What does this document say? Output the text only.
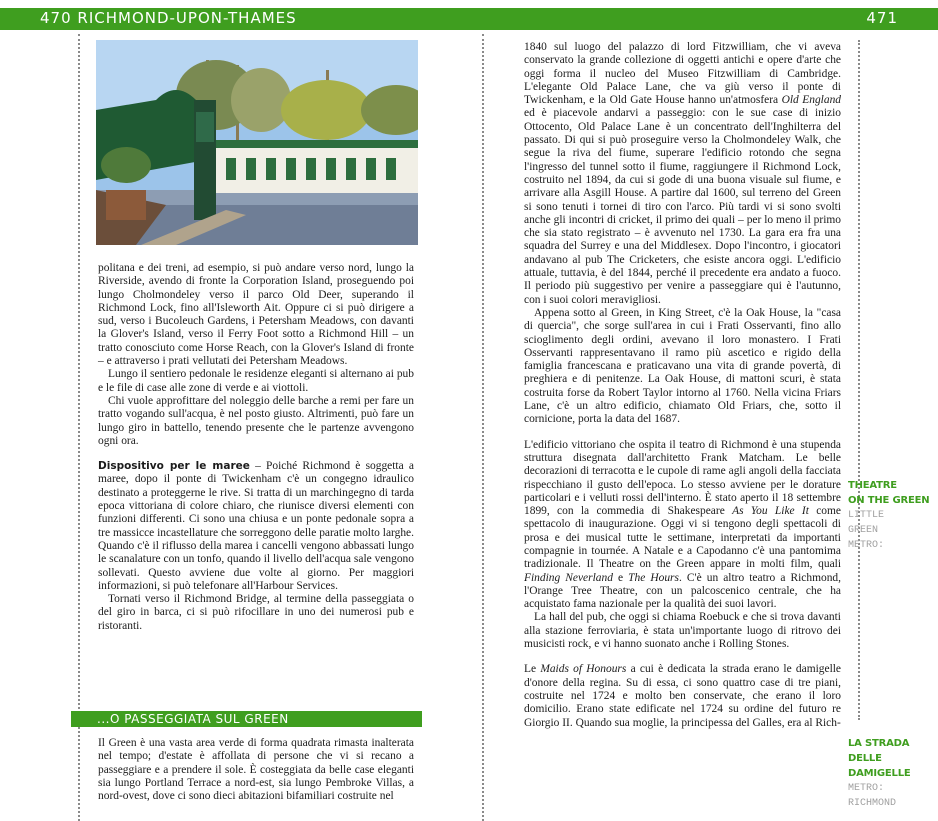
470 RICHMOND-UPON-THAMES	471

politana e dei treni, ad esempio, si può andare verso nord, lungo la Riverside, avendo di fronte la Corporation Island, proseguendo poi lungo Cholmondeley verso il parco Old Deer, superando il Richmond Lock, fino all'Isleworth Ait. Oppure ci si può dirigere a sud, verso i Bucoleuch Gardens, i Petersham Meadows, con davanti la Glover's Island, verso il Ferry Foot sotto a Richmond Hill – un tratto conosciuto come Horse Reach, con la Glover's Island di fronte – e attraverso i prati vellutati dei Petersham Meadows.

Lungo il sentiero pedonale le residenze eleganti si alternano ai pub e le file di case alle zone di verde e ai viottoli.

Chi vuole approfittare del noleggio delle barche a remi per fare un tratto vogando sull'acqua, è nel posto giusto. Altrimenti, può fare un lungo giro in battello, tenendo presente che le partenze avvengono ogni ora.

Dispositivo per le maree – Poiché Richmond è soggetta a maree, dopo il ponte di Twickenham c'è un congegno idraulico destinato a proteggerne le rive. Si tratta di un marchingegno di tarda epoca vittoriana di colore chiaro, che riunisce diversi elementi con funzioni differenti. Ci sono una chiusa e un ponte pedonale sopra a tre massicce incastellature che sorreggono delle paratie molto larghe. Quando c'è il riflusso della marea i cancelli vengono abbassati lungo le scanalature con un tonfo, quando il livello dell'acqua sale vengono sollevati. Questo avviene due volte al giorno. Per maggiori informazioni, si può telefonare all'Harbour Services.

Tornati verso il Richmond Bridge, al termine della passeggiata o del giro in barca, ci si può rifocillare in uno dei numerosi pub e ristoranti.

...O PASSEGGIATA SUL GREEN

Il Green è una vasta area verde di forma quadrata rimasta inalterata nel tempo; d'estate è affollata di persone che vi si recano a passeggiare e a prendere il sole. È costeggiata da belle case eleganti sia lungo Portland Terrace a nord-est, sia lungo Pembroke Villas, a nord-ovest, dove ci sono dieci abitazioni bifamiliari costruite nel

1840 sul luogo del palazzo di lord Fitzwilliam, che vi aveva conservato la grande collezione di oggetti antichi e opere d'arte che oggi forma il nucleo del Museo Fitzwilliam di Cambridge. L'elegante Old Palace Lane, che va giù verso il ponte di Twickenham, e la Old Gate House hanno un'atmosfera Old England ed è piacevole andarvi a passeggio: con le sue case di inizio Ottocento, Old Palace Lane è un concentrato dell'Inghilterra del passato. Di qui si può proseguire verso la Cholmondeley Walk, che segue la riva del fiume, superare l'edificio rotondo che segna l'ingresso del tunnel sotto il fiume, raggiungere il Richmond Lock, costruito nel 1894, da cui si gode di una buona visuale sul fiume, e arrivare alla Asgill House. A partire dal 1600, sul terreno del Green si sono tenuti i tornei di tiro con l'arco. Più tardi vi si sono svolti anche gli incontri di cricket, il primo dei quali – per lo meno il primo che sia stato registrato – è avvenuto nel 1730. La gara era fra una squadra del Surrey e una del Middlesex. Dopo l'incontro, i giocatori andavano al pub The Cricketers, che esiste ancora oggi. L'edificio attuale, tuttavia, è del 1844, perché il precedente era andato a fuoco. Il periodo più suggestivo per venire a passeggiare qui è l'autunno, con i suoi colori meravigliosi.

Appena sotto al Green, in King Street, c'è la Oak House, la "casa di quercia", che sorge sull'area in cui i Frati Osservanti, fino allo scioglimento degli ordini, avevano il loro monastero. I Frati Osservanti rappresentavano il ramo più ascetico e rigido della famiglia francescana e praticavano una vita di grande povertà, di preghiera e di penitenze. La Oak House, di mattoni scuri, è stata costruita forse da Robert Taylor intorno al 1760. Nella vicina Friars Lane, c'è un altro edificio, chiamato Old Friars, che, sotto il cornicione, porta la data del 1687.

L'edificio vittoriano che ospita il teatro di Richmond è una stupenda struttura disegnata dall'architetto Frank Matcham. Le belle decorazioni di terracotta e le cupole di rame agli angoli della facciata rispecchiano il gusto dell'epoca. Lo stesso avviene per le dorature particolari e i velluti rossi dell'interno. È stato aperto il 18 settembre 1899, con la commedia di Shakespeare As You Like It come spettacolo di inaugurazione. Oggi vi si tengono degli spettacoli di prosa e dei musical tutte le settimane, interpretati da importanti compagnie in tournée. A Natale e a Capodanno c'è una pantomima tradizionale. Il Theatre on the Green appare in molti film, quali Finding Neverland e The Hours. C'è un altro teatro a Richmond, l'Orange Tree Theatre, con un palcoscenico centrale, che ha acquistato fama nazionale per la qualità dei suoi lavori.

La hall del pub, che oggi si chiama Roebuck e che si trova davanti alla stazione ferroviaria, è stata un'importante luogo di ritrovo dei musicisti rock, e vi hanno suonato anche i Rolling Stones.

Le Maids of Honours a cui è dedicata la strada erano le damigelle d'onore della regina. Su di essa, ci sono quattro case di tre piani, costruite nel 1724 e molto ben conservate, che erano il loro domicilio. Erano state edificate nel 1724 su ordine del futuro re Giorgio II. Quando sua moglie, la principessa del Galles, era al Rich-

THEATRE
ON THE GREEN
LITTLE
GREEN
METRO:
LA STRADA
DELLE DAMIGELLE
METRO:
RICHMOND
